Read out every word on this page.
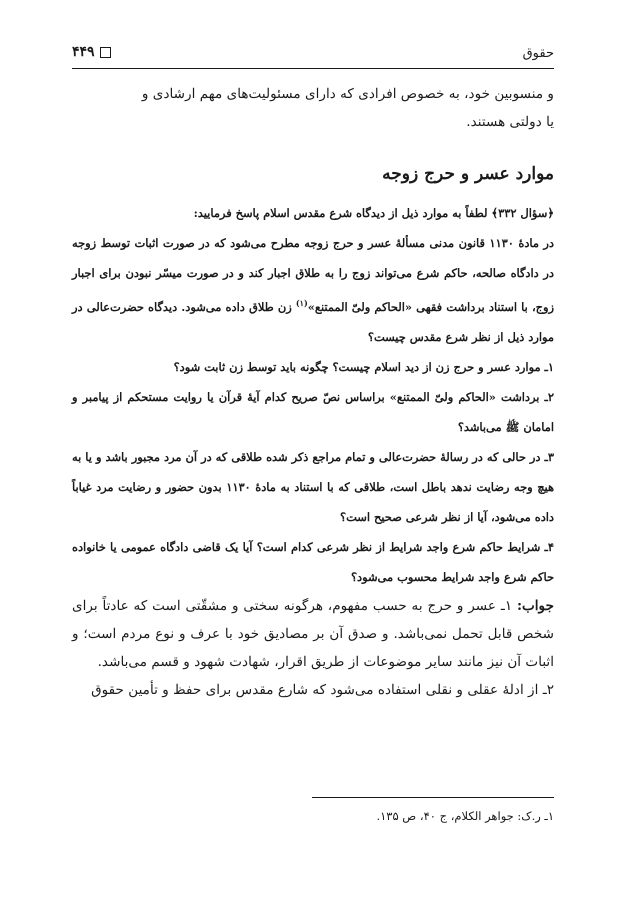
حقوق
۴۴۹

و منسوبین خود، به خصوص افرادی که دارای مسئولیت‌های مهم ارشادی و
یا دولتی هستند.

موارد عسر و حرج زوجه

﴿سؤال ۳۳۲﴾ لطفاً به موارد ذیل از دیدگاه شرع مقدس اسلام پاسخ فرمایید:

در مادهٔ ۱۱۳۰ قانون مدنی مسألهٔ عسر و حرج زوجه مطرح می‌شود که در صورت اثبات توسط زوجه در دادگاه صالحه، حاکم شرع می‌تواند زوج را به طلاق اجبار کند و در صورت میسّر نبودن برای اجبار زوج، با استناد برداشت فقهی «الحاکم ولیّ الممتنع»$^{(۱)}$ زن طلاق داده می‌شود. دیدگاه حضرت‌عالی در موارد ذیل از نظر شرع مقدس چیست؟

۱ـ موارد عسر و حرج زن از دید اسلام چیست؟ چگونه باید توسط زن ثابت شود؟

۲ـ برداشت «الحاکم ولیّ الممتنع» براساس نصّ صریح کدام آیهٔ قرآن یا روایت مستحکم از پیامبر و امامان ﷺ می‌باشد؟

۳ـ در حالی که در رسالهٔ حضرت‌عالی و تمام مراجع ذکر شده طلاقی که در آن مرد مجبور باشد و یا به هیچ وجه رضایت ندهد باطل است، طلاقی که با استناد به مادهٔ ۱۱۳۰ بدون حضور و رضایت مرد غیاباً داده می‌شود، آیا از نظر شرعی صحیح است؟

۴ـ شرایط حاکم شرع واجد شرایط از نظر شرعی کدام است؟ آیا یک قاضی دادگاه عمومی یا خانواده حاکم شرع واجد شرایط محسوب می‌شود؟

جواب: ۱ـ عسر و حرج به حسب مفهوم، هرگونه سختی و مشقّتی است که عادتاً برای شخص قابل تحمل نمی‌باشد. و صدق آن بر مصادیق خود با عرف و نوع مردم است؛ و اثبات آن نیز مانند سایر موضوعات از طریق اقرار، شهادت شهود و قسم می‌باشد.

۲ـ از ادلهٔ عقلی و نقلی استفاده می‌شود که شارع مقدس برای حفظ و تأمین حقوق

۱ـ ر.ک: جواهر الکلام، ج ۴۰، ص ۱۳۵.
